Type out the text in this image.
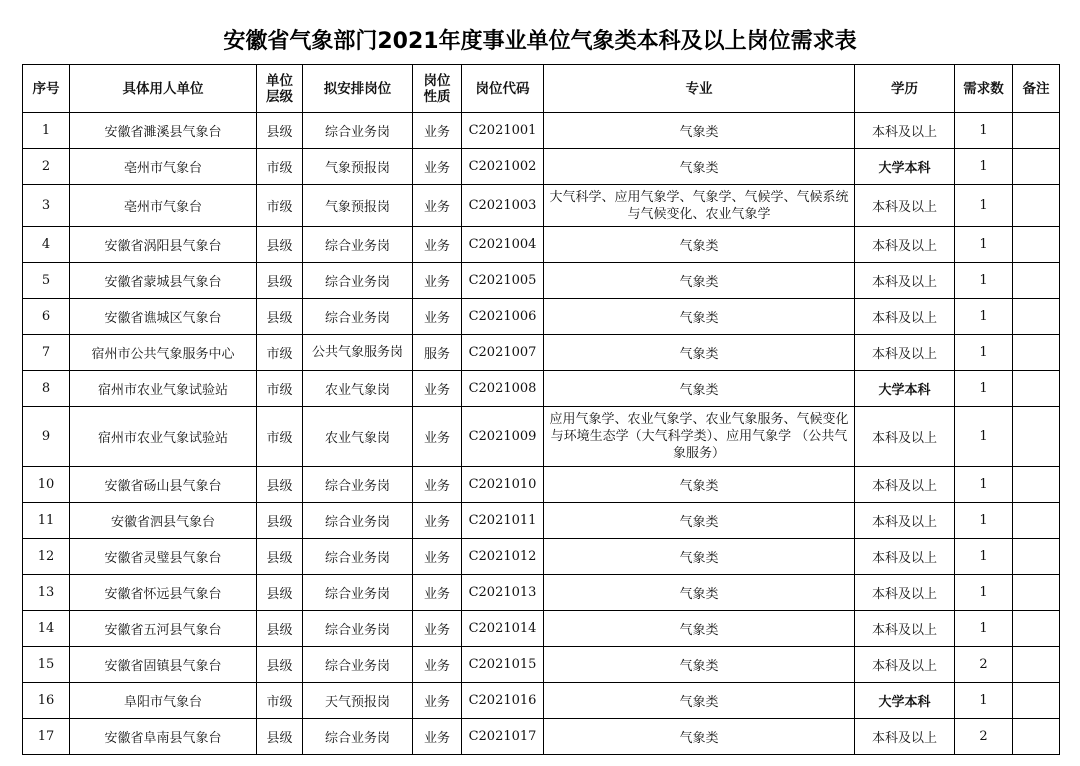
安徽省气象部门2021年度事业单位气象类本科及以上岗位需求表
序号	具体用人单位	单位层级	拟安排岗位	岗位性质	岗位代码	专业	学历	需求数	备注
1	安徽省濉溪县气象台	县级	综合业务岗	业务	C2021001	气象类	本科及以上	1	
2	亳州市气象台	市级	气象预报岗	业务	C2021002	气象类	大学本科	1	
3	亳州市气象台	市级	气象预报岗	业务	C2021003	大气科学、应用气象学、气象学、气候学、气候系统与气候变化、农业气象学	本科及以上	1	
4	安徽省涡阳县气象台	县级	综合业务岗	业务	C2021004	气象类	本科及以上	1	
5	安徽省蒙城县气象台	县级	综合业务岗	业务	C2021005	气象类	本科及以上	1	
6	安徽省谯城区气象台	县级	综合业务岗	业务	C2021006	气象类	本科及以上	1	
7	宿州市公共气象服务中心	市级	公共气象服务岗	服务	C2021007	气象类	本科及以上	1	
8	宿州市农业气象试验站	市级	农业气象岗	业务	C2021008	气象类	大学本科	1	
9	宿州市农业气象试验站	市级	农业气象岗	业务	C2021009	应用气象学、农业气象学、农业气象服务、气候变化与环境生态学（大气科学类）、应用气象学 （公共气象服务）	本科及以上	1	
10	安徽省砀山县气象台	县级	综合业务岗	业务	C2021010	气象类	本科及以上	1	
11	安徽省泗县气象台	县级	综合业务岗	业务	C2021011	气象类	本科及以上	1	
12	安徽省灵璧县气象台	县级	综合业务岗	业务	C2021012	气象类	本科及以上	1	
13	安徽省怀远县气象台	县级	综合业务岗	业务	C2021013	气象类	本科及以上	1	
14	安徽省五河县气象台	县级	综合业务岗	业务	C2021014	气象类	本科及以上	1	
15	安徽省固镇县气象台	县级	综合业务岗	业务	C2021015	气象类	本科及以上	2	
16	阜阳市气象台	市级	天气预报岗	业务	C2021016	气象类	大学本科	1	
17	安徽省阜南县气象台	县级	综合业务岗	业务	C2021017	气象类	本科及以上	2	
